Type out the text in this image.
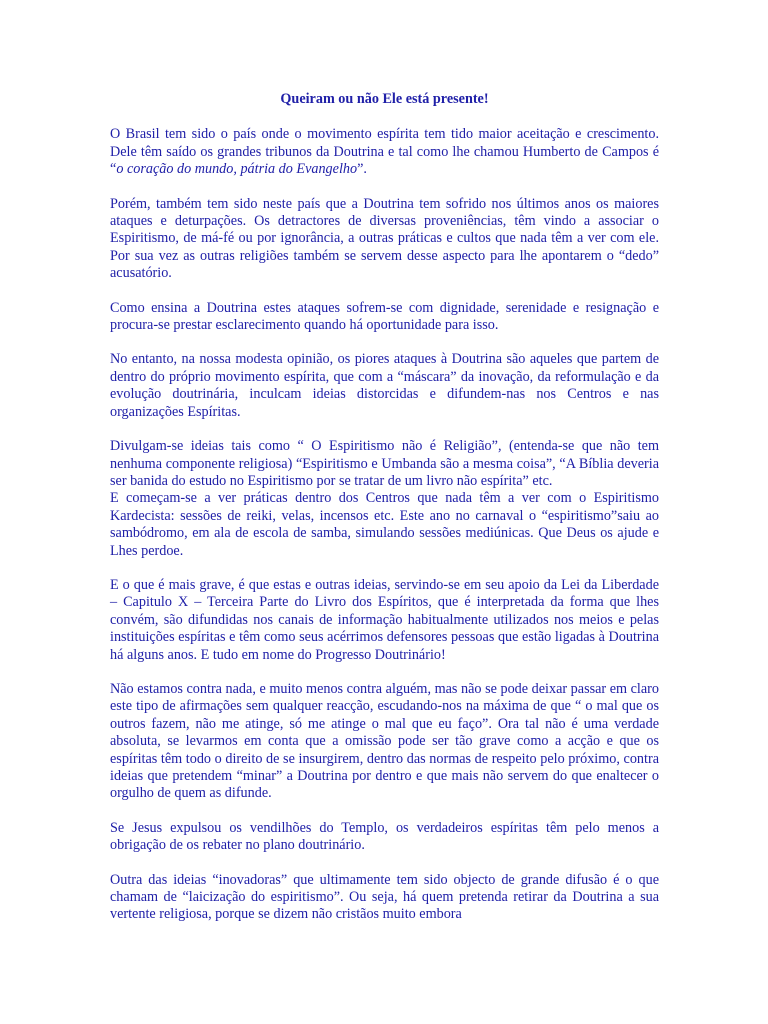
Queiram ou não Ele está presente!

O Brasil tem sido o país onde o movimento espírita tem tido maior aceitação e crescimento. Dele têm saído os grandes tribunos da Doutrina e tal como lhe chamou Humberto de Campos é “o coração do mundo, pátria do Evangelho”.

Porém, também tem sido neste país que a Doutrina tem sofrido nos últimos anos os maiores ataques e deturpações. Os detractores de diversas proveniências, têm vindo a associar o Espiritismo, de má-fé ou por ignorância, a outras práticas e cultos que nada têm a ver com ele. Por sua vez as outras religiões também se servem desse aspecto para lhe apontarem o “dedo” acusatório.

Como ensina a Doutrina estes ataques sofrem-se com dignidade, serenidade e resignação e procura-se prestar esclarecimento quando há oportunidade para isso.

No entanto, na nossa modesta opinião, os piores ataques à Doutrina são aqueles que partem de dentro do próprio movimento espírita, que com a “máscara” da inovação, da reformulação e da evolução doutrinária, inculcam ideias distorcidas e difundem-nas nos Centros e nas organizações Espíritas.

Divulgam-se ideias tais como “ O Espiritismo não é Religião”, (entenda-se que não tem nenhuma componente religiosa) “Espiritismo e Umbanda são a mesma coisa”, “A Bíblia deveria ser banida do estudo no Espiritismo por se tratar de um livro não espírita” etc.

E começam-se a ver práticas dentro dos Centros que nada têm a ver com o Espiritismo Kardecista: sessões de reiki, velas, incensos etc. Este ano no carnaval o “espiritismo”saiu ao sambódromo, em ala de escola de samba, simulando sessões mediúnicas. Que Deus os ajude e Lhes perdoe.

E o que é mais grave, é que estas e outras ideias, servindo-se em seu apoio da Lei da Liberdade – Capitulo X – Terceira Parte do Livro dos Espíritos, que é interpretada da forma que lhes convém, são difundidas nos canais de informação habitualmente utilizados nos meios e pelas instituições espíritas e têm como seus acérrimos defensores pessoas que estão ligadas à Doutrina há alguns anos. E tudo em nome do Progresso Doutrinário!

Não estamos contra nada, e muito menos contra alguém, mas não se pode deixar passar em claro este tipo de afirmações sem qualquer reacção, escudando-nos na máxima de que “ o mal que os outros fazem, não me atinge, só me atinge o mal que eu faço”. Ora tal não é uma verdade absoluta, se levarmos em conta que a omissão pode ser tão grave como a acção e que os espíritas têm todo o direito de se insurgirem, dentro das normas de respeito pelo próximo, contra ideias que pretendem “minar” a Doutrina por dentro e que mais não servem do que enaltecer o orgulho de quem as difunde.

Se Jesus expulsou os vendilhões do Templo, os verdadeiros espíritas têm pelo menos a obrigação de os rebater no plano doutrinário.

Outra das ideias “inovadoras” que ultimamente tem sido objecto de grande difusão é o que chamam de “laicização do espiritismo”. Ou seja, há quem pretenda retirar da Doutrina a sua vertente religiosa, porque se dizem não cristãos muito embora
